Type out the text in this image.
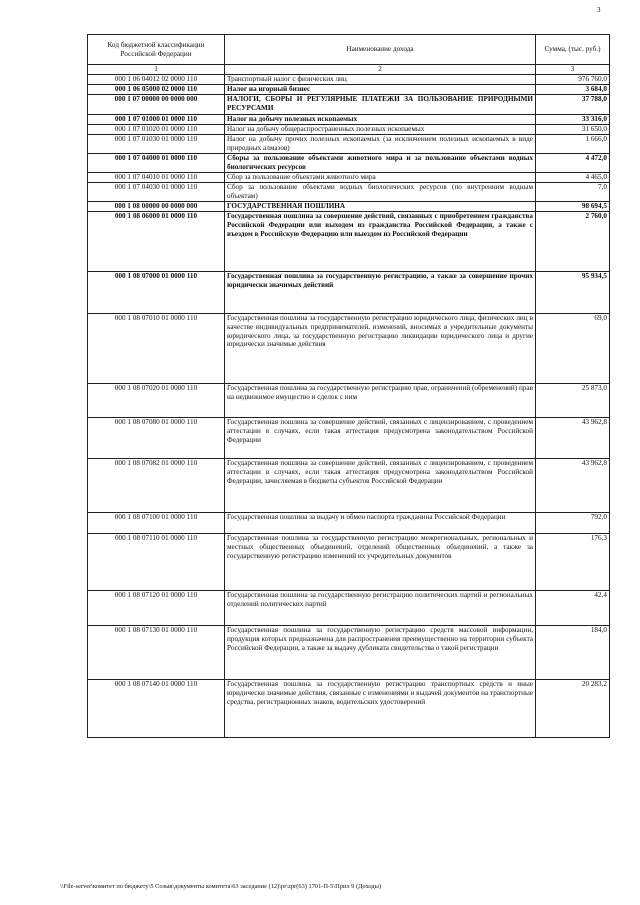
3
Код бюджетной классификации Российской Федерации	Наименование дохода	Сумма, (тыс. руб.)
1	2	3
000 1 06 04012 02 0000 110	Транспортный налог с физических лиц	976 760,0
000 1 06 05000 02 0000 110	Налог на игорный бизнес	3 684,0
000 1 07 00000 00 0000 000	НАЛОГИ, СБОРЫ И РЕГУЛЯРНЫЕ ПЛАТЕЖИ ЗА ПОЛЬЗОВАНИЕ ПРИРОДНЫМИ РЕСУРСАМИ	37 788,0
000 1 07 01000 01 0000 110	Налог на добычу полезных ископаемых	33 316,0
000 1 07 01020 01 0000 110	Налог на добычу общераспространенных полезных ископаемых	31 650,0
000 1 07 01030 01 0000 110	Налог на добычу прочих полезных ископаемых (за исключением полезных ископаемых в виде природных алмазов)	1 666,0
000 1 07 04000 01 0000 110	Сборы за пользование объектами животного мира и за пользование объектами водных биологических ресурсов	4 472,0
000 1 07 04010 01 0000 110	Сбор за пользование объектами животного мира	4 465,0
000 1 07 04030 01 0000 110	Сбор за пользование объектами водных биологических ресурсов (по внутренним водным объектам)	7,0
000 1 08 00000 00 0000 000	ГОСУДАРСТВЕННАЯ ПОШЛИНА	98 694,5
000 1 08 06000 01 0000 110	Государственная пошлина за совершение действий, связанных с приобретением гражданства Российской Федерации или выходом из гражданства Российской Федерации, а также с въездом в Российскую Федерацию или выездом из Российской Федерации	2 760,0
000 1 08 07000 01 0000 110	Государственная пошлина за государственную регистрацию, а также за совершение прочих юридически значимых действий	95 934,5
000 1 08 07010 01 0000 110	Государственная пошлина за государственную регистрацию юридического лица, физических лиц в качестве индивидуальных предпринимателей, изменений, вносимых в учредительные документы юридического лица, за государственную регистрацию ликвидации юридического лица и другие юридически значимые действия	69,0
000 1 08 07020 01 0000 110	Государственная пошлина за государственную регистрацию прав, ограничений (обременений) прав на недвижимое имущество и сделок с ним	25 873,0
000 1 08 07080 01 0000 110	Государственная пошлина за совершение действий, связанных с лицензированием, с проведением аттестации в случаях, если такая аттестация предусмотрена законодательством Российской Федерации	43 962,8
000 1 08 07082 01 0000 110	Государственная пошлина за совершение действий, связанных с лицензированием, с проведением аттестации в случаях, если такая аттестация предусмотрена законодательством Российской Федерации, зачисляемая в бюджеты субъектов Российской Федерации	43 962,8
000 1 08 07100 01 0000 110	Государственная пошлина за выдачу и обмен паспорта гражданина Российской Федерации	792,0
000 1 08 07110 01 0000 110	Государственная пошлина за государственную регистрацию межрегиональных, региональных и местных общественных объединений, отделений общественных объединений, а также за государственную регистрацию изменений их учредительных документов	176,3
000 1 08 07120 01 0000 110	Государственная пошлина за государственную регистрацию политических партий и региональных отделений политических партий	42,4
000 1 08 07130 01 0000 110	Государственная пошлина за государственную регистрацию средств массовой информации, продукция которых предназначена для распространения преимущественно на территории субъекта Российской Федерации, а также за выдачу дубликата свидетельства о такой регистрации	184,0
000 1 08 07140 01 0000 110	Государственная пошлина за государственную регистрацию транспортных средств и иные юридически значимые действия, связанные с изменениями и выдачей документов на транспортные средства, регистрационных знаков, водительских удостоверений	20 283,2
\\File-server\комитет по бюджету\5 Созыв\документы комитета\63 заседание (12)\pr\zpr(63) 1701-П-5\Прил 9 (Доходы)
